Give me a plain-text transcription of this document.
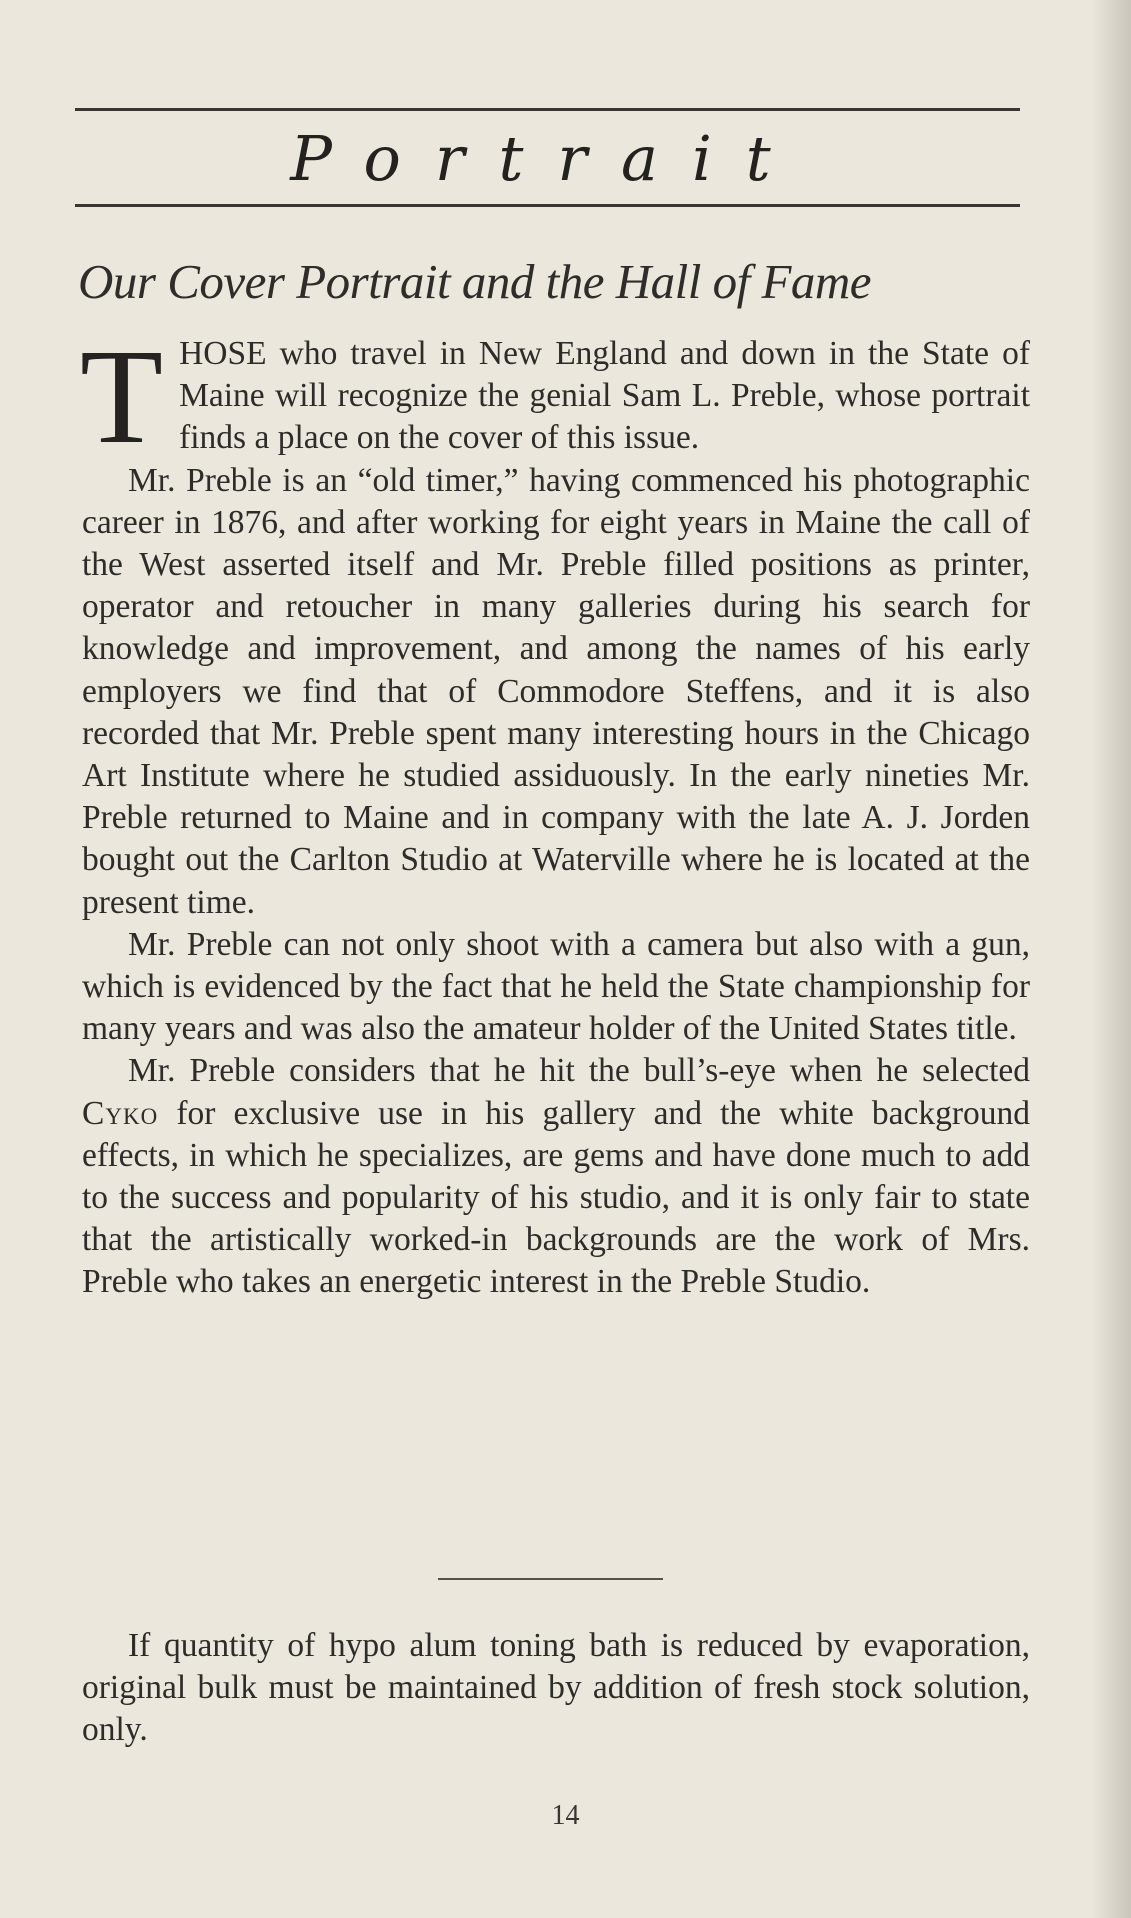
Portrait
Our Cover Portrait and the Hall of Fame

THOSE who travel in New England and down in the State of Maine will recognize the genial Sam L. Preble, whose portrait finds a place on the cover of this issue.

Mr. Preble is an “old timer,” having commenced his photographic career in 1876, and after working for eight years in Maine the call of the West asserted itself and Mr. Preble filled positions as printer, operator and retoucher in many galleries during his search for knowledge and improvement, and among the names of his early employers we find that of Commodore Steffens, and it is also recorded that Mr. Preble spent many interesting hours in the Chicago Art Institute where he studied assiduously. In the early nineties Mr. Preble returned to Maine and in company with the late A. J. Jorden bought out the Carlton Studio at Waterville where he is located at the present time.

Mr. Preble can not only shoot with a camera but also with a gun, which is evidenced by the fact that he held the State championship for many years and was also the amateur holder of the United States title.

Mr. Preble considers that he hit the bull’s-eye when he selected Cyko for exclusive use in his gallery and the white background effects, in which he specializes, are gems and have done much to add to the success and popularity of his studio, and it is only fair to state that the artistically worked-in backgrounds are the work of Mrs. Preble who takes an energetic interest in the Preble Studio.

If quantity of hypo alum toning bath is reduced by evaporation, original bulk must be maintained by addition of fresh stock solution, only.

14
